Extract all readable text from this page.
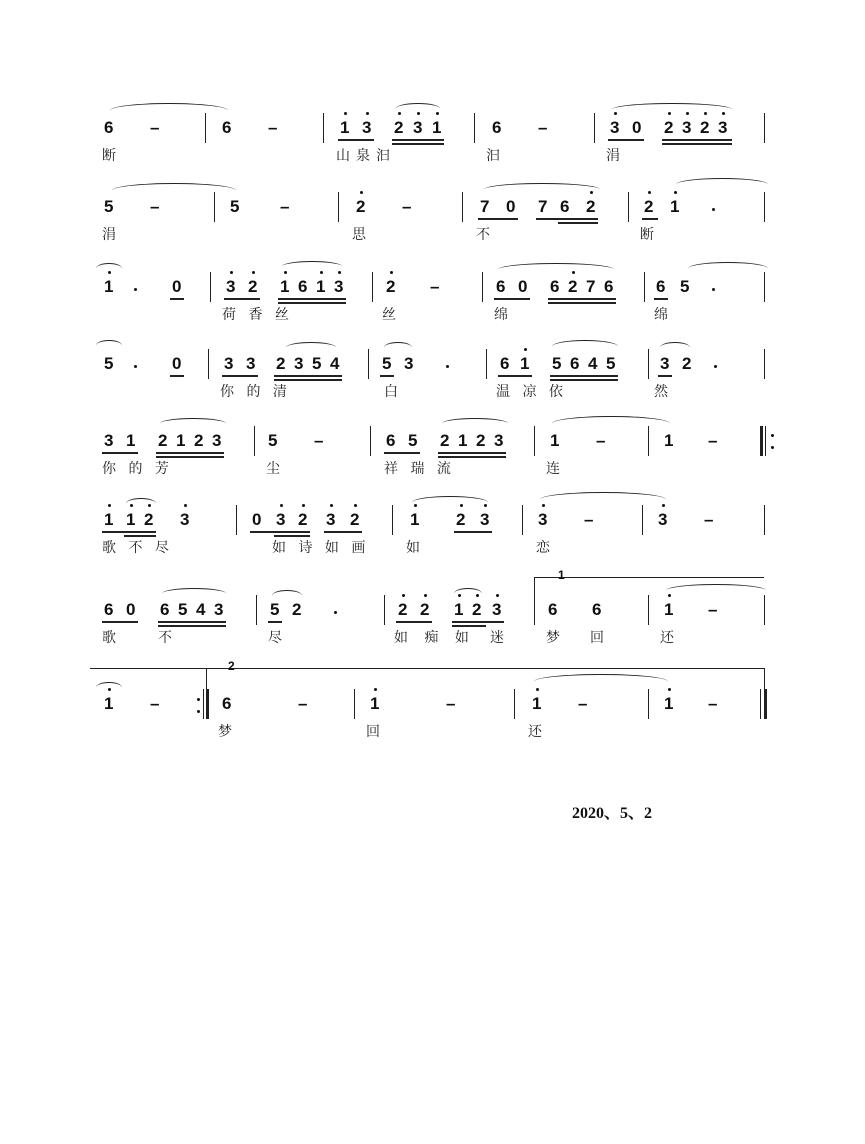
6 –	6 –	1 3 2 3 1	6 –	3 0 2 3 2 3
断	山泉汩	汩	涓
5 –	5 –	2 –	7 0 7 6 2	2 1
涓	思	不	断
1	0	3 2 1 6 1 3	2 –	6 0 6 2 7 6	6 5
荷 香 丝	丝	绵	绵
5	0	3 3 2 3 5 4	5 3	6 1 5 6 4 5	3 2
你 的 清	白	温 凉 依	然
3 1 2 1 2 3	5 –	6 5 2 1 2 3	1 –	1 –
你 的 芳	尘	祥 瑞 流	连
1 1 2 3	0 3 2 3 2	1 2 3	3 –	3 –
歌 不 尽	如 诗 如 画	如	恋
1
6 0 6 5 4 3	5 2	2 2 1 2 3	6 6	1 –
歌	不	尽	如 痴 如 迷	梦 回	还
2
1 –	6	–	1	–	1 –	1 –
梦	回	还
2020、5、2
